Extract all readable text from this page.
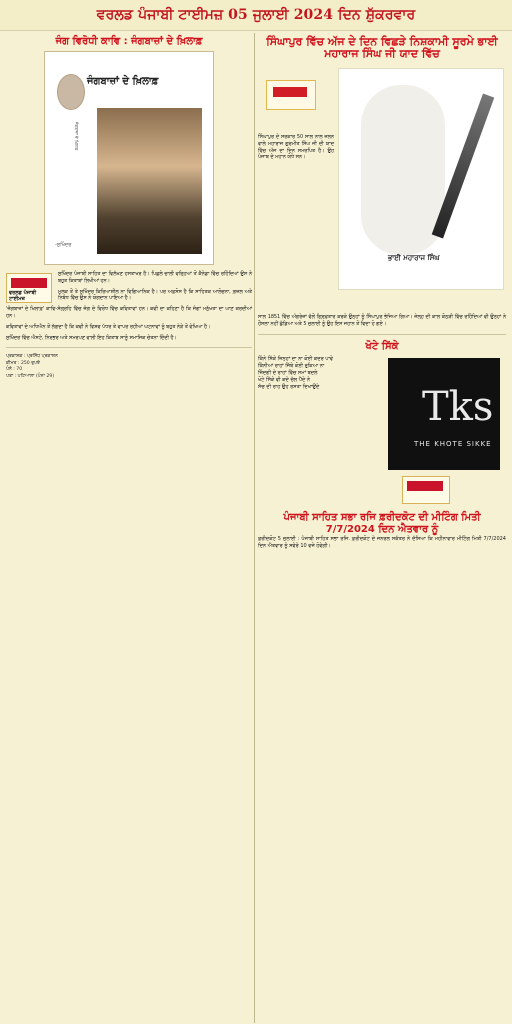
ਵਰਲਡ ਪੰਜਾਬੀ ਟਾਈਮਜ਼ 05 ਜੁਲਾਈ 2024 ਦਿਨ ਸ਼ੁੱਕਰਵਾਰ
ਜੰਗ ਵਿਰੋਧੀ ਕਾਵਿ : ਜੰਗਬਾਜ਼ਾਂ ਦੇ ਖ਼ਿਲਾਫ਼
ਜੰਗਬਾਜ਼ਾਂ ਦੇ ਖ਼ਿਲਾਫ਼
ਜੰਗਬਾਜ਼ਾਂ ਦੇ ਖ਼ਿਲਾਫ਼
-ਸੁਖਿੰਦਰ
ਵਰਲਡ ਪੰਜਾਬੀ ਟਾਈਮਜ਼
ਸੁਖਿੰਦਰ ਪੰਜਾਬੀ ਸਾਹਿਤ ਦਾ ਵਿਲੱਖਣ ਹਸਤਾਖਰ ਹੈ। ਪਿਛਲੇ ਚਾਲੀ ਵਰ੍ਹਿਆਂ ਤੋਂ ਕੈਨੇਡਾ ਵਿੱਚ ਰਹਿੰਦਿਆਂ ਉਸ ਨੇ ਬਹੁਤ ਕਿਤਾਬਾਂ ਲਿਖੀਆਂ ਹਨ।
ਮੁਲਕ ਤੋਂ ਤੇ ਸੁਖਿੰਦਰ ਕਿਰਿਆਸ਼ੀਲ ਨਾ ਵਿਗਿਆਨਿਕ ਹੈ। ਪਰ ਅਫ਼ਸੋਸ ਹੈ ਕਿ ਸਾਹਿਤਕ ਆਲੋਚਨਾ, ਗ਼ਜ਼ਲ ਅਤੇ ਨਿਬੰਧ ਵਿੱਚ ਉਸ ਨੇ ਯੋਗਦਾਨ ਪਾਇਆ ਹੈ।
'ਜੰਗਬਾਜ਼ਾਂ ਦੇ ਖ਼ਿਲਾਫ਼' ਕਾਵਿ-ਸੰਗ੍ਰਹਿ ਵਿੱਚ ਜੰਗ ਦੇ ਵਿਰੋਧ ਵਿੱਚ ਕਵਿਤਾਵਾਂ ਹਨ। ਕਵੀ ਦਾ ਕਹਿਣਾ ਹੈ ਕਿ ਜੰਗਾਂ ਮਨੁੱਖਤਾ ਦਾ ਘਾਣ ਕਰਦੀਆਂ ਹਨ।
ਕਵਿਤਾਵਾਂ ਦੇ ਅਧਿਐਨ ਤੋਂ ਲੱਗਦਾ ਹੈ ਕਿ ਕਵੀ ਨੇ ਵਿਸ਼ਵ ਪੱਧਰ ਤੇ ਵਾਪਰ ਰਹੀਆਂ ਘਟਨਾਵਾਂ ਨੂੰ ਬਹੁਤ ਨੇੜੇ ਤੋਂ ਵੇਖਿਆ ਹੈ।
ਸੁਖਿੰਦਰ ਵਿੱਚ ਐਸਟੇ, ਨਿਰਭਰ ਅਤੇ ਸਮਰਪਣ ਵਾਲੀ ਇਹ ਕਿਤਾਬ ਸਾਨੂੰ ਸਮਾਜਿਕ ਚੇਤਨਾ ਦਿੰਦੀ ਹੈ।
ਪ੍ਰਕਾਸ਼ਕ : ਪ੍ਰਸਿੱਧ ਪ੍ਰਕਾਸ਼ਨ
ਕੀਮਤ : 250 ਰੁਪਏ
ਪੰਨੇ : 70
ਪਤਾ : ਪਟਿਆਲਾ (ਪੰਨਾ 29)
ਸਿੰਘਾਪੁਰ ਵਿੱਚ ਅੱਜ ਦੇ ਦਿਨ ਵਿਛੜੇ ਨਿਸ਼ਕਾਮੀ ਸੂਰਮੇ ਭਾਈ ਮਹਾਰਾਜ ਸਿੰਘ ਜੀ ਯਾਦ ਵਿੱਚ
ਸਿੰਘਾਪੁਰ ਦੇ ਸਰਕਾਰ 50 ਸਾਲ ਨਾਲ ਜਲਨ ਵਾਲੇ ਮਹਾਰਾਜ ਗੁਰਮੀਤ ਸਿੰਘ ਜੀ ਦੀ ਯਾਦ ਵਿੱਚ ਅੱਜ ਦਾ ਦਿਨ ਸਮਰਪਿਤ ਹੈ। ਉਹ ਪੰਜਾਬ ਦੇ ਮਹਾਨ ਯੋਧੇ ਸਨ।
ਭਾਈ ਮਹਾਰਾਜ ਸਿੰਘ
ਸਾਲ 1851 ਵਿੱਚ ਅੰਗਰੇਜ਼ਾਂ ਵੱਲੋਂ ਗ੍ਰਿਫ਼ਤਾਰ ਕਰਕੇ ਉਨ੍ਹਾਂ ਨੂੰ ਸਿੰਘਾਪੁਰ ਭੇਜਿਆ ਗਿਆ। ਜੇਲ੍ਹ ਦੀ ਕਾਲ ਕੋਠੜੀ ਵਿੱਚ ਰਹਿੰਦਿਆਂ ਵੀ ਉਨ੍ਹਾਂ ਨੇ ਹੌਸਲਾ ਨਹੀਂ ਛੱਡਿਆ ਅਤੇ 5 ਜੁਲਾਈ ਨੂੰ ਉਹ ਇਸ ਜਹਾਨ ਤੋਂ ਵਿਦਾ ਹੋ ਗਏ।
ਖੋਟੇ ਸਿੱਕੇ
ਕਿੰਨੇ ਸਿੱਕੇ ਜਿਨ੍ਹਾਂ ਦਾ ਨਾ ਕੋਈ ਕਦਰ ਪਾਵੇ
ਕਿੰਨੀਆਂ ਰਾਹਾਂ ਜਿੱਥੇ ਕੋਈ ਰੁਕਿਆ ਨਾ
ਜ਼ਿੰਦਗੀ ਦੇ ਰਾਹਾਂ ਵਿੱਚ ਸਮਾਂ ਬਦਲੇ
ਖੋਟੇ ਸਿੱਕੇ ਵੀ ਕਦੇ ਚੱਲ ਪੈਂਦੇ ਨੇ
ਸੱਚ ਦੀ ਰਾਹ ਉਹ ਰਸਤਾ ਦਿਖਾਉਂਦੇ	Tks
THE KHOTE SIKKE
ਪੰਜਾਬੀ ਸਾਹਿਤ ਸਭਾ ਰਜਿ ਫ਼ਰੀਦਕੋਟ ਦੀ ਮੀਟਿੰਗ ਮਿਤੀ 7/7/2024 ਦਿਨ ਐਤਵਾਰ ਨੂੰ
ਫ਼ਰੀਦਕੋਟ 5 ਜੁਲਾਈ : ਪੰਜਾਬੀ ਸਾਹਿਤ ਸਭਾ ਰਜਿ. ਫ਼ਰੀਦਕੋਟ ਦੇ ਜਨਰਲ ਸਕੱਤਰ ਨੇ ਦੱਸਿਆ ਕਿ ਮਹੀਨਾਵਾਰ ਮੀਟਿੰਗ ਮਿਤੀ 7/7/2024 ਦਿਨ ਐਤਵਾਰ ਨੂੰ ਸਵੇਰੇ 10 ਵਜੇ ਹੋਵੇਗੀ।
